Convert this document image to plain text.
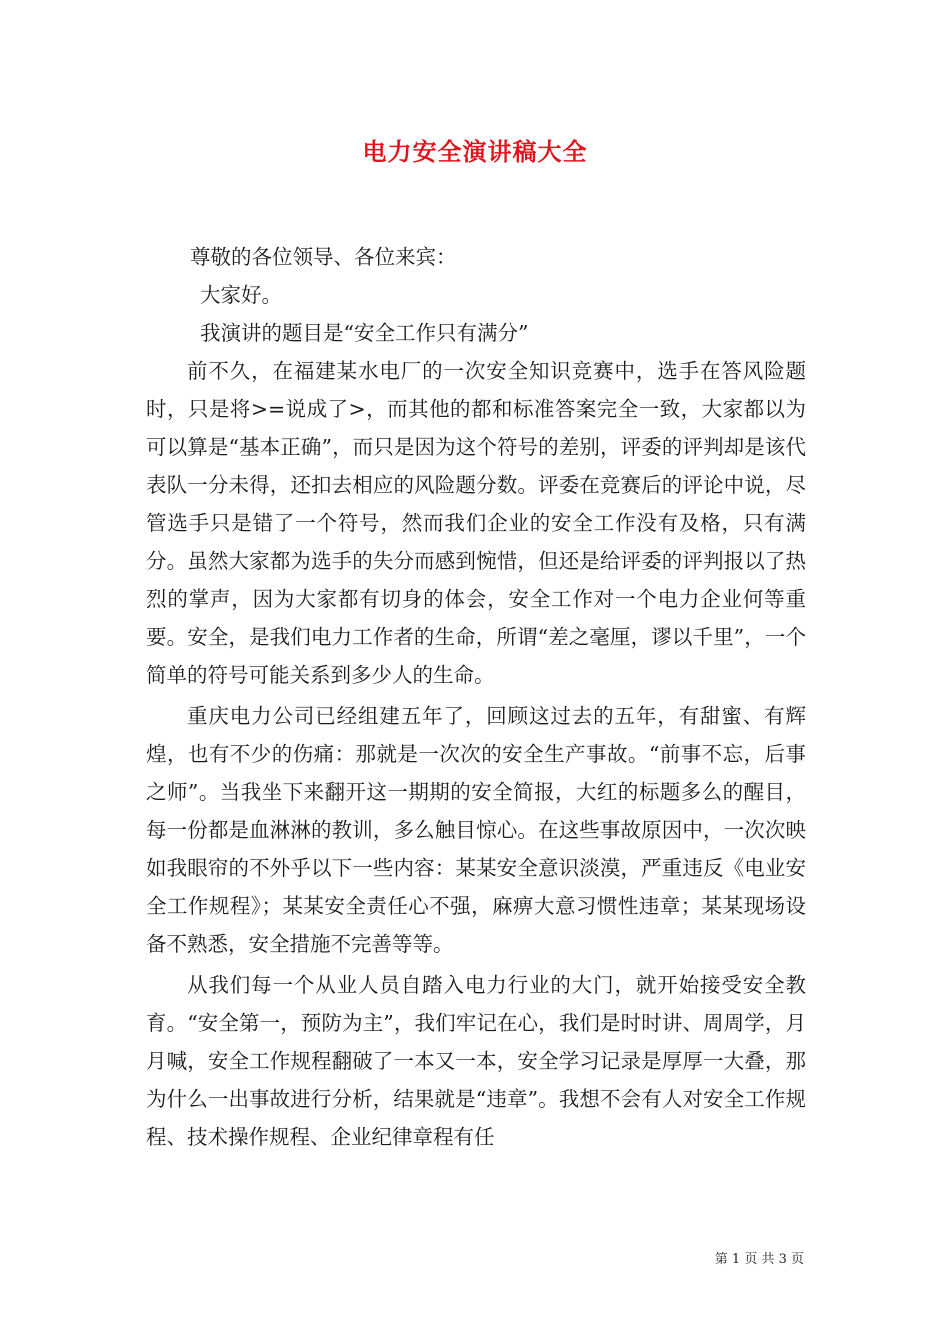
电力安全演讲稿大全

尊敬的各位领导、各位来宾：

大家好。

我演讲的题目是“安全工作只有满分”

前不久，在福建某水电厂的一次安全知识竞赛中，选手在答风险题时，只是将>=说成了>，而其他的都和标准答案完全一致，大家都以为可以算是“基本正确”，而只是因为这个符号的差别，评委的评判却是该代表队一分未得，还扣去相应的风险题分数。评委在竞赛后的评论中说，尽管选手只是错了一个符号，然而我们企业的安全工作没有及格，只有满分。虽然大家都为选手的失分而感到惋惜，但还是给评委的评判报以了热烈的掌声，因为大家都有切身的体会，安全工作对一个电力企业何等重要。安全，是我们电力工作者的生命，所谓“差之毫厘，谬以千里”，一个简单的符号可能关系到多少人的生命。

重庆电力公司已经组建五年了，回顾这过去的五年，有甜蜜、有辉煌，也有不少的伤痛：那就是一次次的安全生产事故。“前事不忘，后事之师”。当我坐下来翻开这一期期的安全简报，大红的标题多么的醒目，每一份都是血淋淋的教训，多么触目惊心。在这些事故原因中，一次次映如我眼帘的不外乎以下一些内容：某某安全意识淡漠，严重违反《电业安全工作规程》；某某安全责任心不强，麻痹大意习惯性违章；某某现场设备不熟悉，安全措施不完善等等。

从我们每一个从业人员自踏入电力行业的大门，就开始接受安全教育。“安全第一，预防为主”，我们牢记在心，我们是时时讲、周周学，月月喊，安全工作规程翻破了一本又一本，安全学习记录是厚厚一大叠，那为什么一出事故进行分析，结果就是“违章”。我想不会有人对安全工作规程、技术操作规程、企业纪律章程有任

第 1 页 共 3 页
